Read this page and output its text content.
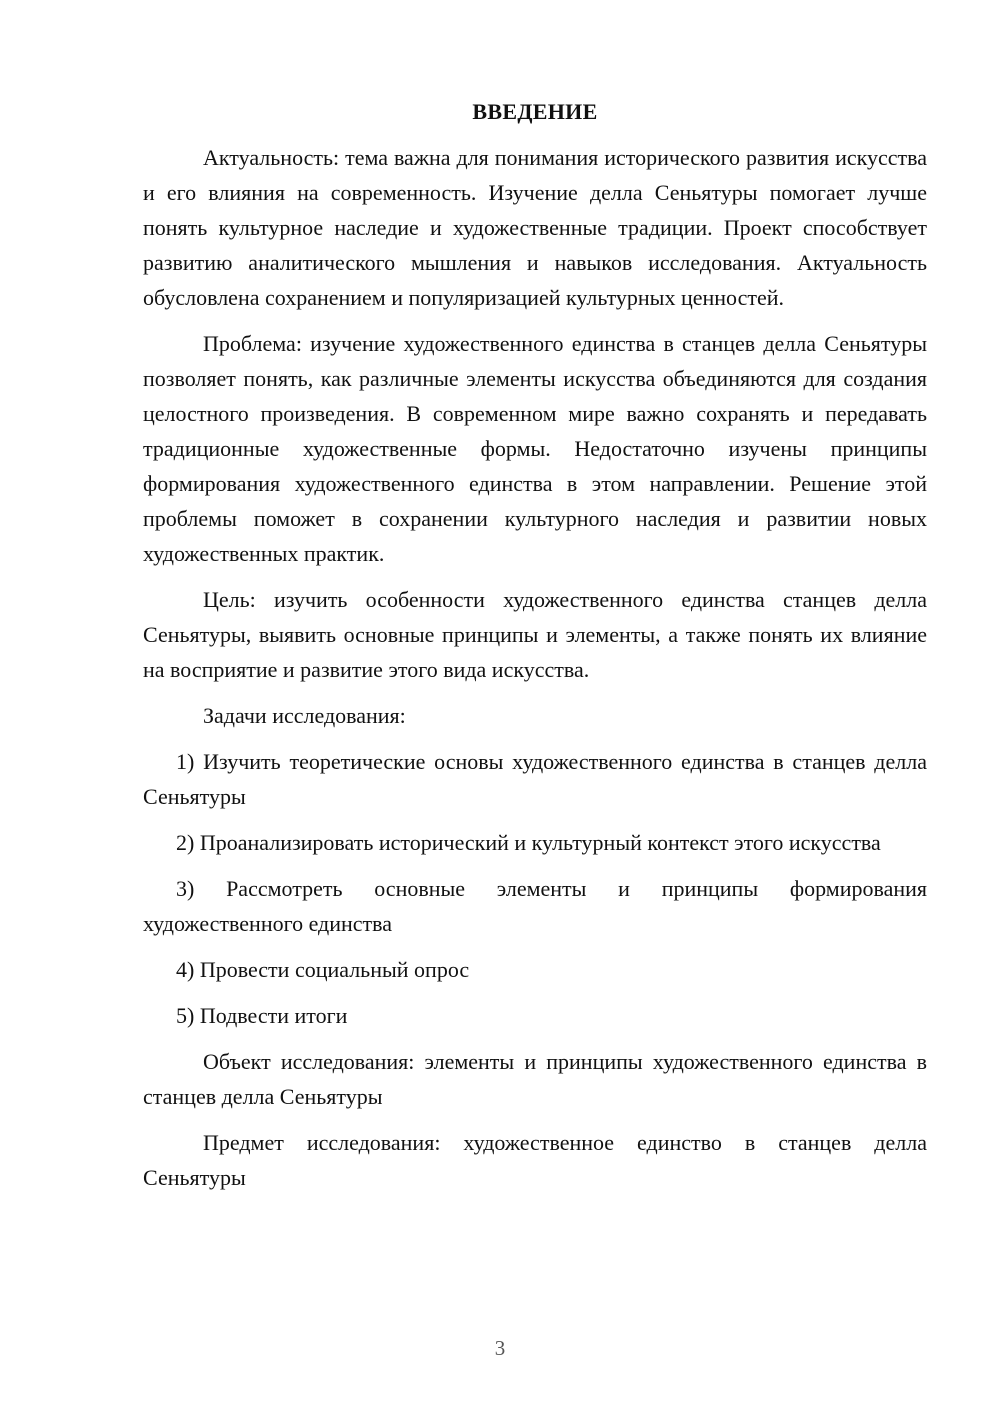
ВВЕДЕНИЕ

Актуальность: тема важна для понимания исторического развития искусства и его влияния на современность. Изучение делла Сеньятуры помогает лучше понять культурное наследие и художественные традиции. Проект способствует развитию аналитического мышления и навыков исследования. Актуальность обусловлена сохранением и популяризацией культурных ценностей.

Проблема: изучение художественного единства в станцев делла Сеньятуры позволяет понять, как различные элементы искусства объединяются для создания целостного произведения. В современном мире важно сохранять и передавать традиционные художественные формы. Недостаточно изучены принципы формирования художественного единства в этом направлении. Решение этой проблемы поможет в сохранении культурного наследия и развитии новых художественных практик.

Цель: изучить особенности художественного единства станцев делла Сеньятуры, выявить основные принципы и элементы, а также понять их влияние на восприятие и развитие этого вида искусства.

Задачи исследования:

1) Изучить теоретические основы художественного единства в станцев делла Сеньятуры

2) Проанализировать исторический и культурный контекст этого искусства

3) Рассмотреть основные элементы и принципы формирования художественного единства

4) Провести социальный опрос

5) Подвести итоги

Объект исследования: элементы и принципы художественного единства в станцев делла Сеньятуры

Предмет исследования: художественное единство в станцев делла Сеньятуры

3
